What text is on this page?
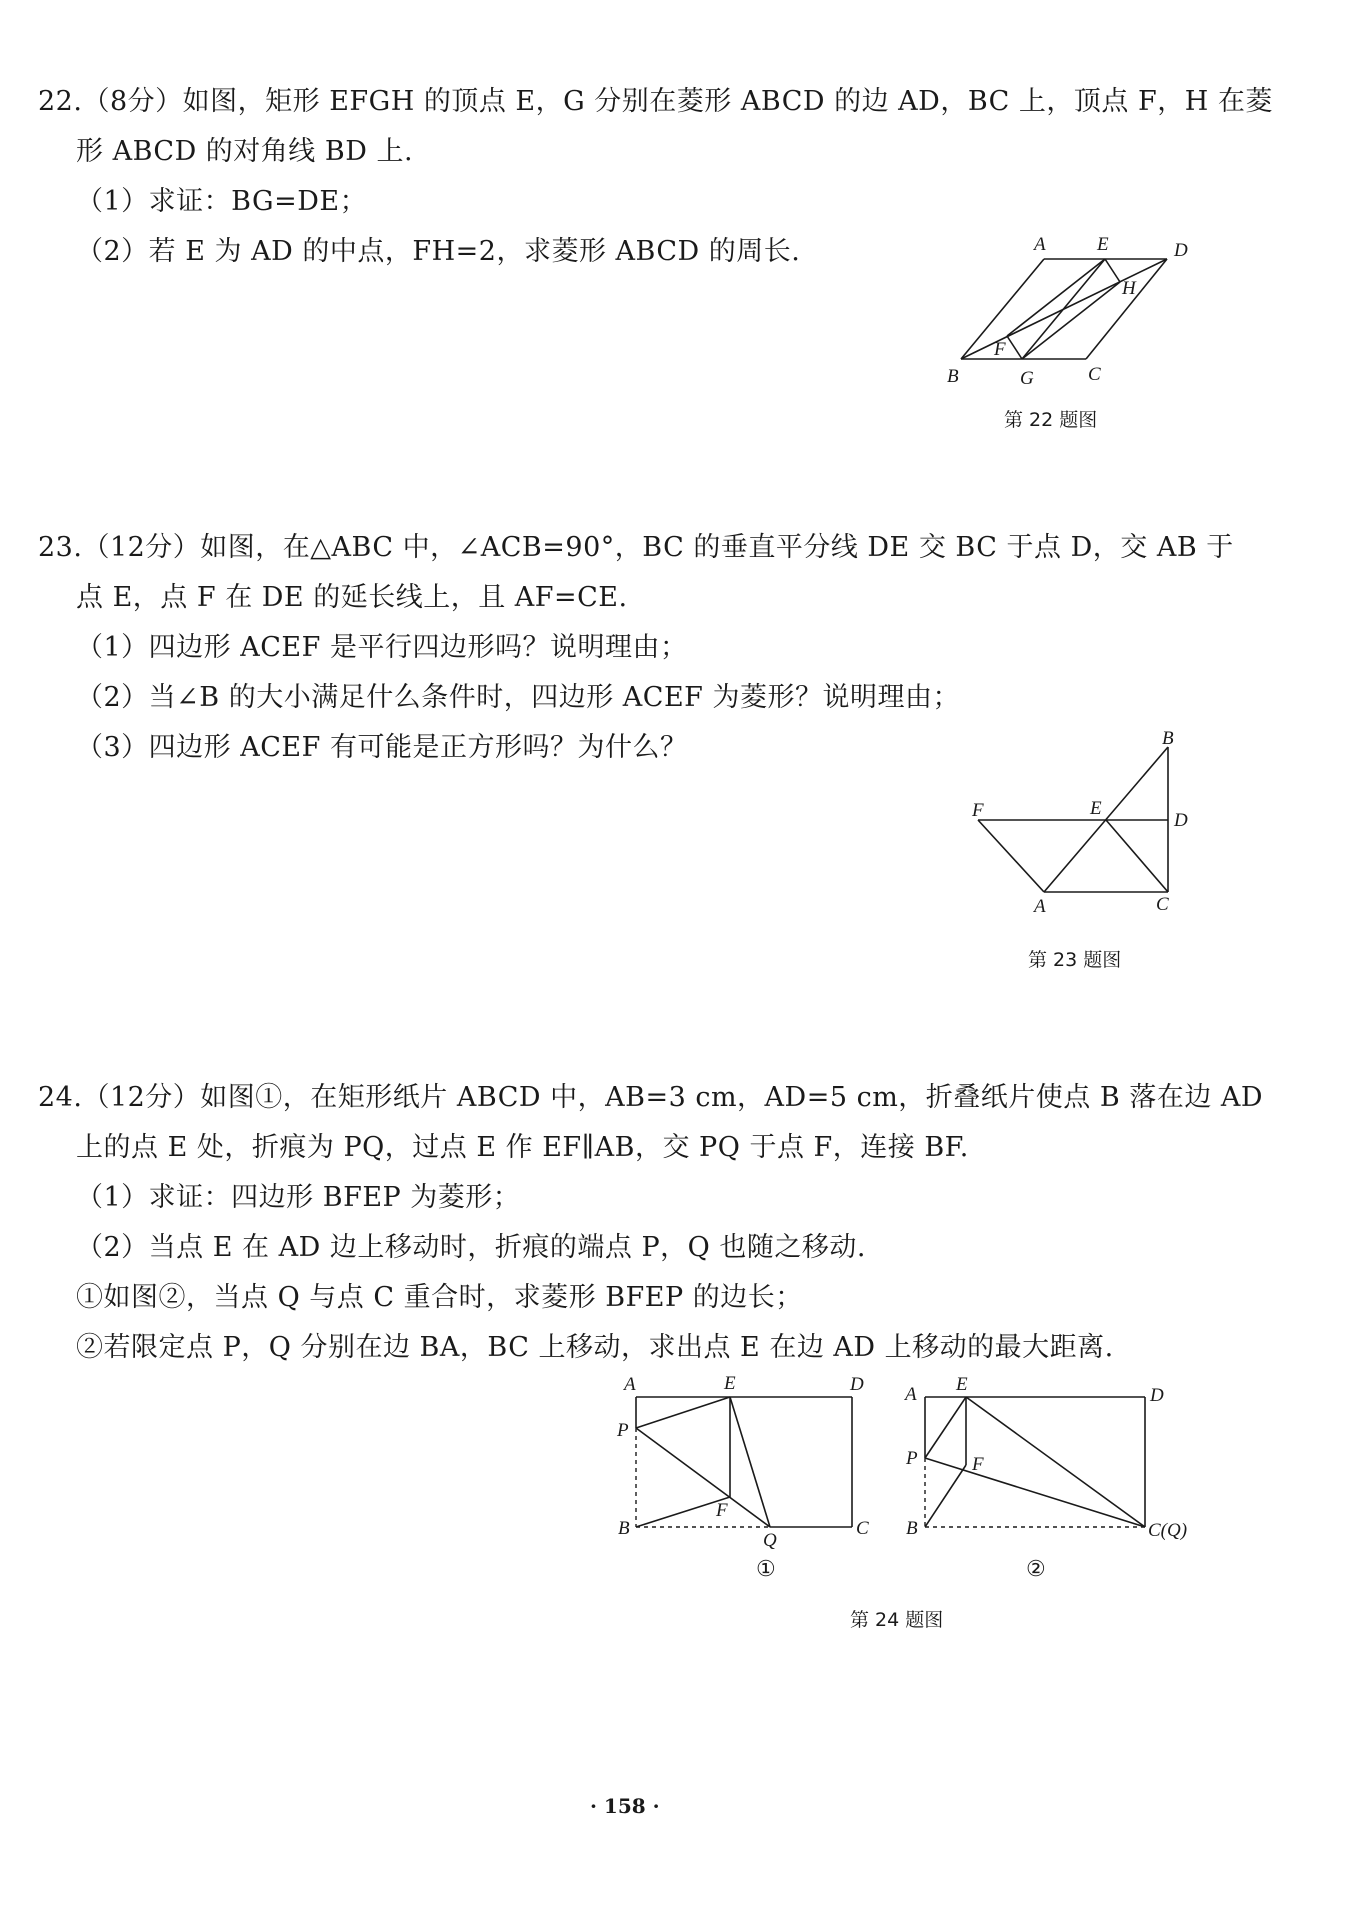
22.（8分）如图，矩形 EFGH 的顶点 E，G 分别在菱形 ABCD 的边 AD，BC 上，顶点 F，H 在菱
形 ABCD 的对角线 BD 上.
（1）求证：BG=DE；
（2）若 E 为 AD 的中点，FH=2，求菱形 ABCD 的周长.	A	E	D
H
F
B	G	C
第 22 题图
23.（12分）如图，在△ABC 中，∠ACB=90°，BC 的垂直平分线 DE 交 BC 于点 D，交 AB 于
点 E，点 F 在 DE 的延长线上，且 AF=CE.
（1）四边形 ACEF 是平行四边形吗？说明理由；
（2）当∠B 的大小满足什么条件时，四边形 ACEF 为菱形？说明理由；
（3）四边形 ACEF 有可能是正方形吗？为什么？	B
F	E
D
A	C
第 23 题图
24.（12分）如图①，在矩形纸片 ABCD 中，AB=3 cm，AD=5 cm，折叠纸片使点 B 落在边 AD
上的点 E 处，折痕为 PQ，过点 E 作 EF∥AB，交 PQ 于点 F，连接 BF.
（1）求证：四边形 BFEP 为菱形；
（2）当点 E 在 AD 边上移动时，折痕的端点 P，Q 也随之移动.
①如图②，当点 Q 与点 C 重合时，求菱形 BFEP 的边长；
②若限定点 P，Q 分别在边 BA，BC 上移动，求出点 E 在边 AD 上移动的最大距离.
A	E	D
P
F
B
Q
C
①
A E
D
P	F
B	C(Q)
②
第 24 题图
· 158 ·
